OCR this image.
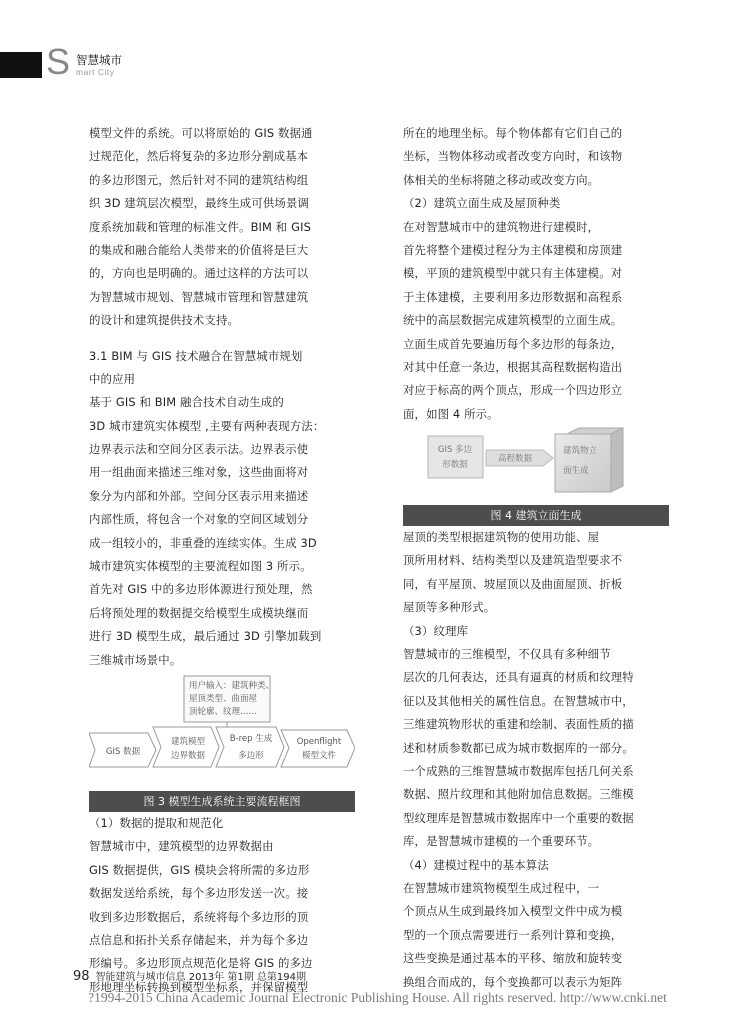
S 智慧城市
mart City
模型文件的系统。可以将原始的 GIS 数据通
过规范化，然后将复杂的多边形分割成基本
的多边形图元，然后针对不同的建筑结构组
织 3D 建筑层次模型，最终生成可供场景调
度系统加载和管理的标准文件。BIM 和 GIS
的集成和融合能给人类带来的价值将是巨大
的，方向也是明确的。通过这样的方法可以
为智慧城市规划、智慧城市管理和智慧建筑
的设计和建筑提供技术支持。
3.1 BIM 与 GIS 技术融合在智慧城市规划
中的应用
基于 GIS 和 BIM 融合技术自动生成的
3D 城市建筑实体模型 ,主要有两种表现方法：
边界表示法和空间分区表示法。边界表示使
用一组曲面来描述三维对象，这些曲面将对
象分为内部和外部。空间分区表示用来描述
内部性质，将包含一个对象的空间区域划分
成一组较小的，非重叠的连续实体。生成 3D
城市建筑实体模型的主要流程如图 3 所示。
首先对 GIS 中的多边形体源进行预处理，然
后将预处理的数据提交给模型生成模块继而
进行 3D 模型生成，最后通过 3D 引擎加载到
三维城市场景中。
用户输入：建筑种类、
屋顶类型、曲面屋
顶轮廓、纹理……
GIS 数据
建筑模型
边界数据
B-rep 生成
多边形
Openflight
模型文件
图 3 模型生成系统主要流程框图
（1）数据的提取和规范化
智慧城市中，建筑模型的边界数据由
GIS 数据提供，GIS 模块会将所需的多边形
数据发送给系统，每个多边形发送一次。接
收到多边形数据后，系统将每个多边形的顶
点信息和拓扑关系存储起来，并为每个多边
形编号。多边形顶点规范化是将 GIS 的多边
形地理坐标转换到模型坐标系，并保留模型
所在的地理坐标。每个物体都有它们自己的
坐标，当物体移动或者改变方向时，和该物
体相关的坐标将随之移动或改变方向。
（2）建筑立面生成及屋顶种类
在对智慧城市中的建筑物进行建模时，
首先将整个建模过程分为主体建模和房顶建
模，平顶的建筑模型中就只有主体建模。对
于主体建模，主要利用多边形数据和高程系
统中的高层数据完成建筑模型的立面生成。
立面生成首先要遍历每个多边形的每条边，
对其中任意一条边，根据其高程数据构造出
对应于标高的两个顶点，形成一个四边形立
面，如图 4 所示。
GIS 多边
形数据
高程数据
建筑物立
面生成
图 4 建筑立面生成
屋顶的类型根据建筑物的使用功能、屋
顶所用材料、结构类型以及建筑造型要求不
同，有平屋顶、坡屋顶以及曲面屋顶、折板
屋顶等多种形式。
（3）纹理库
智慧城市的三维模型，不仅具有多种细节
层次的几何表达，还具有逼真的材质和纹理特
征以及其他相关的属性信息。在智慧城市中，
三维建筑物形状的重建和绘制、表面性质的描
述和材质参数都已成为城市数据库的一部分。
一个成熟的三维智慧城市数据库包括几何关系
数据、照片纹理和其他附加信息数据。三维模
型纹理库是智慧城市数据库中一个重要的数据
库，是智慧城市建模的一个重要环节。
（4）建模过程中的基本算法
在智慧城市建筑物模型生成过程中，一
个顶点从生成到最终加入模型文件中成为模
型的一个顶点需要进行一系列计算和变换，
这些变换是通过基本的平移、缩放和旋转变
换组合而成的，每个变换都可以表示为矩阵
98 智能建筑与城市信息 2013年 第1期 总第194期
?1994-2015 China Academic Journal Electronic Publishing House. All rights reserved. http://www.cnki.net
